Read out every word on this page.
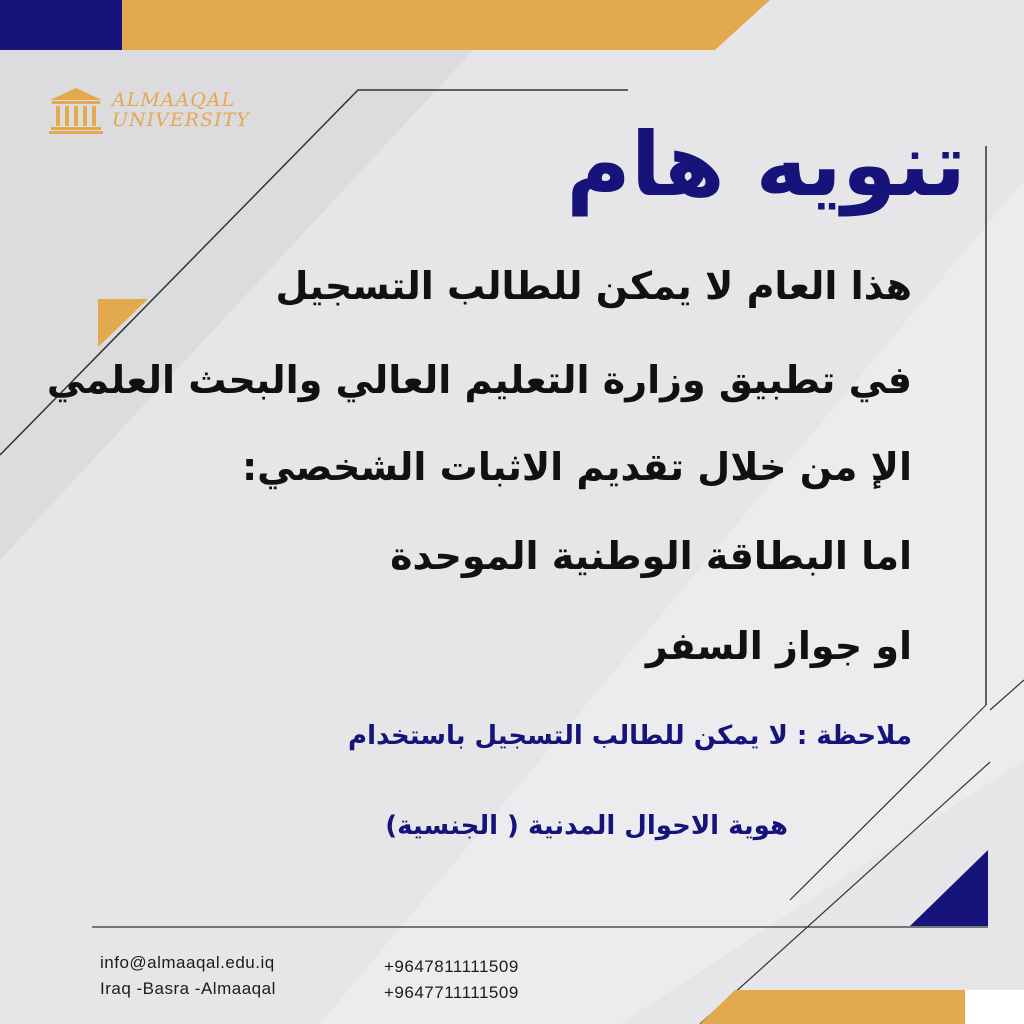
ALMAAQAL
UNIVERSITY	تنويه هام

هذا العام لا يمكن للطالب التسجيل

في تطبيق وزارة التعليم العالي والبحث العلمي

الإ من خلال تقديم الاثبات الشخصي:

اما البطاقة الوطنية الموحدة

او جواز السفر

ملاحظة : لا يمكن للطالب التسجيل باستخدام

هوية الاحوال المدنية ( الجنسية)

info@almaaqal.edu.iq
Iraq -Basra -Almaaqal
+9647811111509
+9647711111509
